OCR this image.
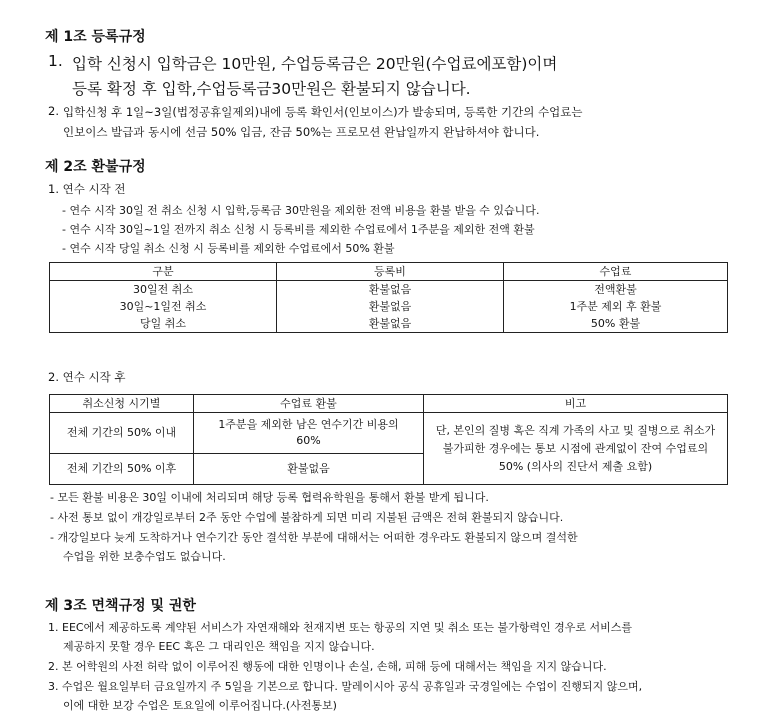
제 1조 등록규정
1. 입학 신청시 입학금은 10만원, 수업등록금은 20만원(수업료에포함)이며
등록 확정 후 입학,수업등록금30만원은 환불되지 않습니다.
2. 입학신청 후 1일~3일(법정공휴일제외)내에 등록 확인서(인보이스)가 발송되며, 등록한 기간의 수업료는
인보이스 발급과 동시에 선금 50% 입금, 잔금 50%는 프로모션 완납일까지 완납하셔야 합니다.
제 2조 환불규정
1. 연수 시작 전
- 연수 시작 30일 전 취소 신청 시 입학,등록금 30만원을 제외한 전액 비용을 환불 받을 수 있습니다.
- 연수 시작 30일~1일 전까지 취소 신청 시 등록비를 제외한 수업료에서 1주분을 제외한 전액 환불
- 연수 시작 당일 취소 신청 시 등록비를 제외한 수업료에서 50% 환불
구분	등록비	수업료
30일전 취소	환불없음	전액환불
30일~1일전 취소	환불없음	1주분 제외 후 환불
당일 취소	환불없음	50% 환불
2. 연수 시작 후
취소신청 시기별	수업료 환불	비고
전체 기간의 50% 이내	1주분을 제외한 남은 연수기간 비용의 60%	단, 본인의 질병 혹은 직계 가족의 사고 및 질병으로 취소가 불가피한 경우에는 통보 시점에 관계없이 잔여 수업료의 50% (의사의 진단서 제출 요함)
전체 기간의 50% 이후	환불없음	
- 모든 환불 비용은 30일 이내에 처리되며 해당 등록 협력유학원을 통해서 환불 받게 됩니다.
- 사전 통보 없이 개강일로부터 2주 동안 수업에 불참하게 되면 미리 지불된 금액은 전혀 환불되지 않습니다.
- 개강일보다 늦게 도착하거나 연수기간 동안 결석한 부분에 대해서는 어떠한 경우라도 환불되지 않으며 결석한
수업을 위한 보충수업도 없습니다.
제 3조 면책규정 및 권한
1. EEC에서 제공하도록 계약된 서비스가 자연재해와 천재지변 또는 항공의 지연 및 취소 또는 불가항력인 경우로 서비스를
제공하지 못할 경우 EEC 혹은 그 대리인은 책임을 지지 않습니다.
2. 본 어학원의 사전 허락 없이 이루어진 행동에 대한 인명이나 손실, 손해, 피해 등에 대해서는 책임을 지지 않습니다.
3. 수업은 월요일부터 금요일까지 주 5일을 기본으로 합니다. 말레이시아 공식 공휴일과 국경일에는 수업이 진행되지 않으며,
이에 대한 보강 수업은 토요일에 이루어집니다.(사전통보)
